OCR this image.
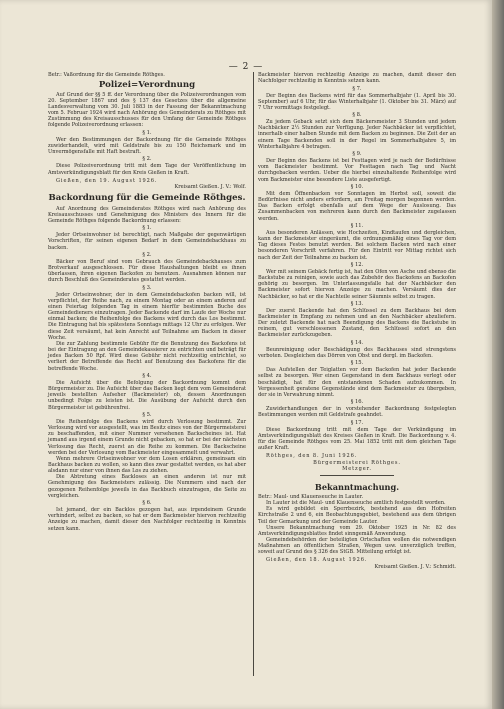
— 2 —

Betr.: Vaßordnung für die Gemeinde Röthges.

Polizei=Verordnung

Auf Grund der §§ 5 ff. der Verordnung über die Polizeiverordnungen vom 20. September 1867 und des § 137 des Gesetzes über die allgemeine Landesverwaltung vom 30. Juli 1883 in der Fassung der Bekanntmachung vom 5. Februar 1924 wird nach Anhörung des Gemeinderats zu Röthges mit Zustimmung des Kreisausschusses für den Umfang der Gemeinde Röthges folgende Polizeiverordnung erlassen:

§ 1.

Wer den Bestimmungen der Backordnung für die Gemeinde Röthges zuwiderhandelt, wird mit Geldstrafe bis zu 150 Reichsmark und im Unvermögensfalle mit Haft bestraft.

§ 2.

Diese Polizeiverordnung tritt mit dem Tage der Veröffentlichung im Amtsverkündigungsblatt für den Kreis Gießen in Kraft.

Gießen, den 19. August 1926.

Kreisamt Gießen. J. V.: Wolf.

Backordnung für die Gemeinde Röthges.

Auf Anordnung des Gemeinderates Röthges wird nach Anhörung des Kreisausschusses und Genehmigung des Ministers des Innern für die Gemeinde Röthges folgende Backordnung erlassen:

§ 1.

Jeder Ortseinwohner ist berechtigt, nach Maßgabe der gegenwärtigen Vorschriften, für seinen eigenen Bedarf in dem Gemeindebackhaus zu backen.

§ 2.

Bäcker von Beruf sind vom Gebrauch des Gemeindebackhauses zum Brotverkauf ausgeschlossen. Für diese Haushaltungen bleibt es ihnen überlassen, ihren eigenen Backofen zu benutzen. Ausnahmen können nur durch Beschluß des Gemeinderates gestattet werden.

§ 3.

Jeder Ortseinwohner, der in dem Gemeindebackofen backen will, ist verpflichtet, der Reihe nach, zu einem Montag oder an einem anderen auf einen Feiertag folgenden Tag in einem hierfür bestimmten Buche des Gemeindedieners einzutragen. Jeder Backende darf im Laufe der Woche nur einmal backen; die Reihenfolge des Backens wird durch das Los bestimmt. Die Eintragung hat bis spätestens Sonntags mittags 12 Uhr zu erfolgen. Wer diese Zeit versäumt, hat kein Anrecht auf Teilnahme am Backen in dieser Woche.

Die zur Zahlung bestimmte Gebühr für die Benutzung des Backofens ist bei der Eintragung an den Gemeindekassierer zu entrichten und beträgt für jedes Backen 50 Rpf. Wird diese Gebühr nicht rechtzeitig entrichtet, so verliert der Betreffende das Recht auf Benutzung des Backofens für die betreffende Woche.

§ 4.

Die Aufsicht über die Befolgung der Backordnung kommt dem Bürgermeister zu. Die Aufsicht über das Backen liegt dem vom Gemeinderat jeweils bestellten Aufseher (Backmeister) ob, dessen Anordnungen unbedingt Folge zu leisten ist. Die Ausübung der Aufsicht durch den Bürgermeister ist gebührenfrei.

§ 5.

Die Reihenfolge des Backens wird durch Verlosung bestimmt. Zur Verlosung wird vor ausgestellt, was im Besitz eines von der Bürgermeisterei zu beschaffenden, mit einer Nummer versehenen Backscheines ist. Hat jemand aus irgend einem Grunde nicht gebacken, so hat er bei der nächsten Verlosung das Recht, zuerst an die Reihe zu kommen. Die Backscheine werden bei der Verlosung vom Backmeister eingesammelt und verwahrt.

Wenn mehrere Ortseinwohner vor dem Losen erklären, gemeinsam ein Backhaus backen zu wollen, so kann dies zwar gestattet werden, es hat aber alsdann nur einer von ihnen das Los zu ziehen.

Die Abtretung eines Backloses an einen anderen ist nur mit Genehmigung des Backmeisters zulässig. Die Nummern sind nach der gezogenen Reihenfolge jeweils in das Backbuch einzutragen, die Seite zu vergleichen.

§ 6.

Ist jemand, der ein Backlos gezogen hat, aus irgendeinem Grunde verhindert, selbst zu backen, so hat er dem Backmeister hiervon rechtzeitig Anzeige zu machen, damit dieser den Nachfolger rechtzeitig in Kenntnis setzen kann.

Backmeister hiervon rechtzeitig Anzeige zu machen, damit dieser den Nachfolger rechtzeitig in Kenntnis setzen kann.

§ 7.

Der Beginn des Backens wird für das Sommerhalbjahr (1. April bis 30. September) auf 6 Uhr, für das Winterhalbjahr (1. Oktober bis 31. März) auf 7 Uhr vormittags festgelegt.

§ 8.

Zu jedem Geback setzt sich dem Bäckersmeister 3 Stunden und jedem Nachbäcker 2½ Stunden zur Verfügung. Jeder Nachbäcker ist verpflichtet, innerhalb einer halben Stunde mit dem Backen zu beginnen. Die Zeit der an einem Tage Backenden soll in der Regel im Sommerhalbjahre 5, im Winterhalbjahre 4 betragen.

§ 9.

Der Beginn des Backens ist bei Festtagen wird je nach der Bedürfnisse vom Backmeister bestimmt. Vor Festtagen nach Tag und Nacht durchgebacken werden. Ueber die hierbei einzuhaltende Reihenfolge wird vom Backmeister eine besondere Liste ausgefertigt.

§ 10.

Mit dem Öffnenbacken vor Sonntagen im Herbst soll, soweit die Bedürfnisse nicht anders erfordern, am Freitag morgen begonnen werden. Das Backen erfolgt ebenfalls auf dem Wege der Auslosung. Das Zusammenbacken von mehreren kann durch den Backmeister zugelassen werden.

§ 11.

Aus besonderen Anlässen, wie Hochzeiten, Kindtaufen und dergleichen, kann der Backmeister eingeräumt, die ordnungsmäßig eines Tag vor dem Tag dieses Festes benutzt werden. Bei solchem Backen wird nach einer besonderen Vorschrift verfahren. Für den Eintritt vor Mittag richtet sich nach der Zeit der Teilnahme zu backen ist.

§ 12.

Wer mit seinem Gebäck fertig ist, hat den Ofen von Asche und ebenso die Backstube zu reinigen, sowie auch das Zubehör des Backofens an Backofen gehörig zu besorgen. Im Unterlassungsfalle hat der Nachbäcker den Backmeister sofort hiervon Anzeige zu machen. Versäumt dies der Nachbäcker, so hat er die Nachteile seiner Säumnis selbst zu tragen.

§ 13.

Der zuerst Backende hat den Schlüssel zu dem Backhaus bei dem Backmeister in Empfang zu nehmen und an den Nachbäcker abzuliefern. Der zuletzt Backende hat nach Beendigung des Backens die Backstube in reinem, gut verschlossenen Zustand, den Schlüssel sofort an den Backmeister zurückzugeben.

§ 14.

Beunreinigung oder Beschädigung des Backhauses sind strengstens verboten. Desgleichen das Dörren von Obst und dergl. im Backofen.

§ 15.

Das Aufstellen der Teiglatten vor dem Backofen hat jeder Backende selbst zu besorgen. Wer einen Gegenstand in dem Backhaus verlegt oder beschädigt, hat für den entstandenen Schaden aufzukommen. In Vergessenheit geratene Gegenstände sind dem Backmeister zu übergeben, der sie in Verwahrung nimmt.

§ 16.

Zuwiderhandlungen der in vorstehender Backordnung festgelegten Bestimmungen werden mit Geldstrafe geahndet.

§ 17.

Diese Backordnung tritt mit dem Tage der Verkündigung im Amtsverkündigungsblatt des Kreises Gießen in Kraft. Die Backordnung v. 4. für die Gemeinde Röthges vom 25. Mai 1852 tritt mit dem gleichen Tage außer Kraft.

Röthges, den 8. Juni 1926.

Bürgermeisterei Röthges.

Metzger.

Bekanntmachung.

Betr.: Maul- und Klauenseuche in Lauter.

In Lauter ist die Maul- und Klauenseuche amtlich festgestellt worden.

Es wird gebildet ein Sperrbezirk, bestehend aus den Hofreiten Kirchstraße 2 und 6, ein Beobachtungsgebiet, bestehend aus dem übrigen Teil der Gemarkung und der Gemeinde Lauter.

Unsere Bekanntmachung vom 29. Oktober 1925 in Nr. 82 des Amtsverkündigungsblattes findet sinngemäß Anwendung.

Gemeindebehörden der beteiligten Ortschaften wollen die notwendigen Maßnahmen an öffentlichen Straßen, Wegen usw. unverzüglich treffen, soweit auf Grund des § 326 des StGB. Mitteilung erfolgt ist.

Gießen, den 18. August 1926.

Kreisamt Gießen. J. V.: Schmidt.
